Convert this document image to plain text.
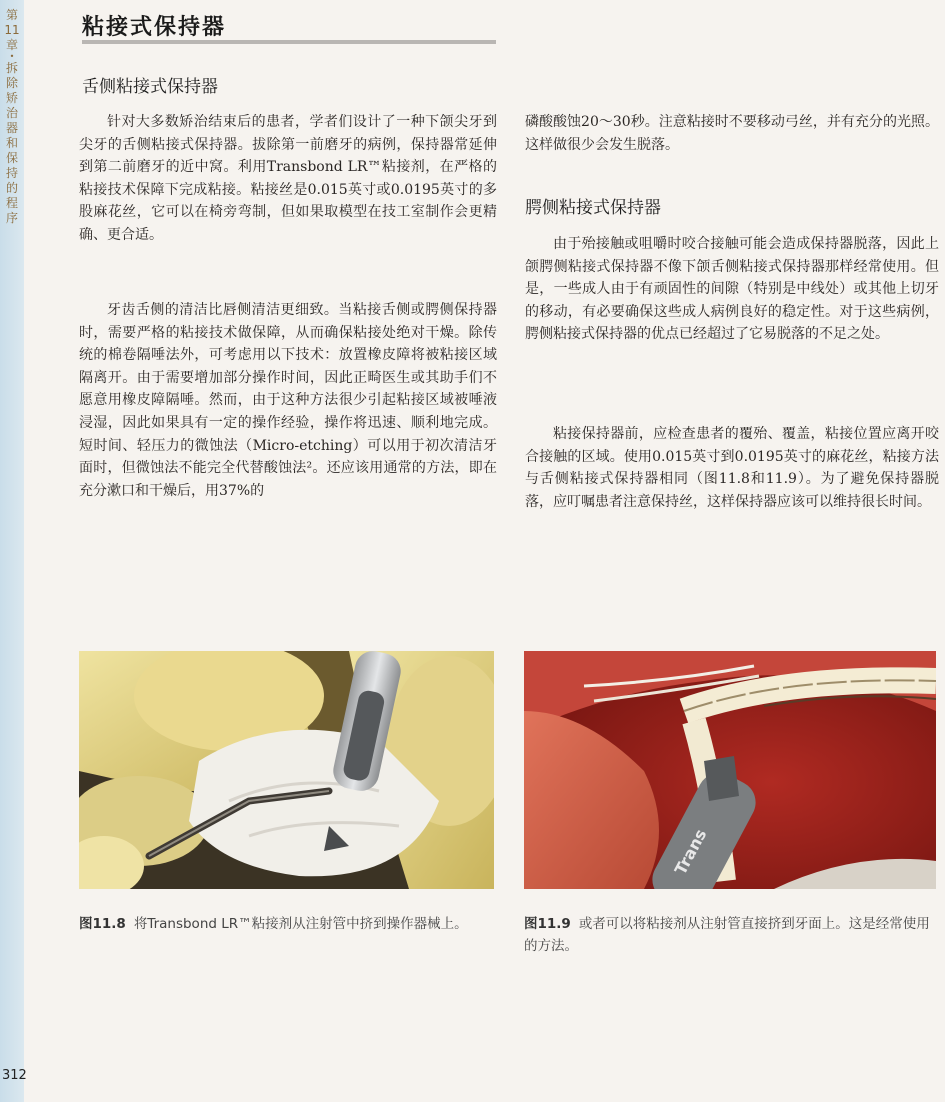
第11章
•
拆除矫治器和保持的程序
312
粘接式保持器
舌侧粘接式保持器

针对大多数矫治结束后的患者，学者们设计了一种下颌尖牙到尖牙的舌侧粘接式保持器。拔除第一前磨牙的病例，保持器常延伸到第二前磨牙的近中窝。利用Transbond LR™粘接剂，在严格的粘接技术保障下完成粘接。粘接丝是0.015英寸或0.0195英寸的多股麻花丝，它可以在椅旁弯制，但如果取模型在技工室制作会更精确、更合适。

牙齿舌侧的清洁比唇侧清洁更细致。当粘接舌侧或腭侧保持器时，需要严格的粘接技术做保障，从而确保粘接处绝对干燥。除传统的棉卷隔唾法外，可考虑用以下技术：放置橡皮障将被粘接区域隔离开。由于需要增加部分操作时间，因此正畸医生或其助手们不愿意用橡皮障隔唾。然而，由于这种方法很少引起粘接区域被唾液浸湿，因此如果具有一定的操作经验，操作将迅速、顺利地完成。短时间、轻压力的微蚀法（Micro-etching）可以用于初次清洁牙面时，但微蚀法不能完全代替酸蚀法²。还应该用通常的方法，即在充分漱口和干燥后，用37%的

磷酸酸蚀20～30秒。注意粘接时不要移动弓丝，并有充分的光照。这样做很少会发生脱落。

腭侧粘接式保持器

由于殆接触或咀嚼时咬合接触可能会造成保持器脱落，因此上颌腭侧粘接式保持器不像下颌舌侧粘接式保持器那样经常使用。但是，一些成人由于有顽固性的间隙（特别是中线处）或其他上切牙的移动，有必要确保这些成人病例良好的稳定性。对于这些病例，腭侧粘接式保持器的优点已经超过了它易脱落的不足之处。

粘接保持器前，应检查患者的覆殆、覆盖，粘接位置应离开咬合接触的区域。使用0.015英寸到0.0195英寸的麻花丝，粘接方法与舌侧粘接式保持器相同（图11.8和11.9）。为了避免保持器脱落，应叮嘱患者注意保持丝，这样保持器应该可以维持很长时间。

图11.8 将Transbond LR™粘接剂从注射管中挤到操作器械上。
Trans
图11.9 或者可以将粘接剂从注射管直接挤到牙面上。这是经常使用的方法。
